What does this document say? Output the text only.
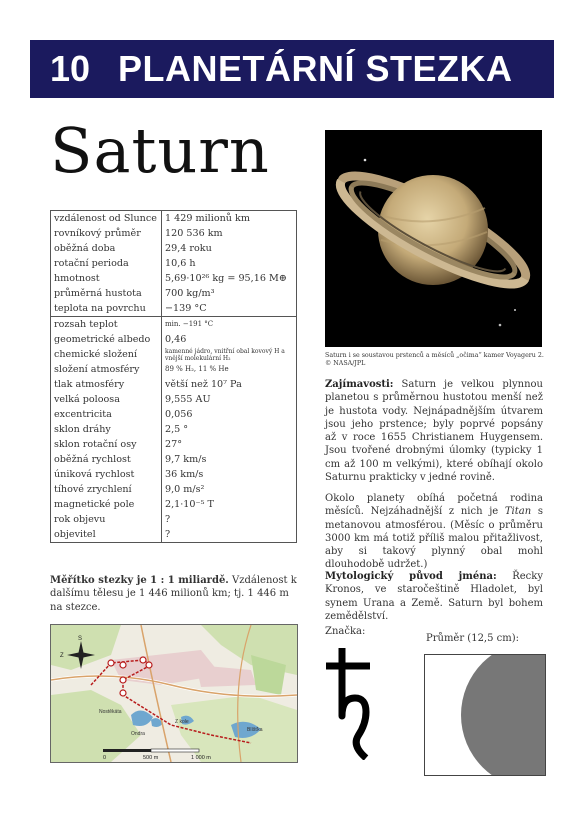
10 PLANETÁRNÍ STEZKA
Saturn
vzdálenost od Slunce	1 429 milionů km
rovníkový průměr	120 536 km
oběžná doba	29,4 roku
rotační perioda	10,6 h
hmotnost	5,69·10²⁶ kg = 95,16 M⊕
průměrná hustota	700 kg/m³
teplota na povrchu	−139 °C
rozsah teplot	min. −191 °C
geometrické albedo	0,46
chemické složení	kamenné jádro, vnitřní obal kovový H a vnější molekulární H₂
složení atmosféry	89 % H₂, 11 % He
tlak atmosféry	větší než 10⁷ Pa
velká poloosa	9,555 AU
excentricita	0,056
sklon dráhy	2,5 °
sklon rotační osy	27°
oběžná rychlost	9,7 km/s
úniková rychlost	36 km/s
tíhové zrychlení	9,0 m/s²
magnetické pole	2,1·10⁻⁵ T
rok objevu	?
objevitel	?
Saturn i se soustavou prstenců a měsíců „očima“ kamer Voyageru 2. © NASA/JPL

Zajímavosti: Saturn je velkou plynnou planetou s průměrnou hustotou menší než je hustota vody. Nejnápadnějším útvarem jsou jeho prstence; byly poprvé popsány až v roce 1655 Christianem Huygensem. Jsou tvořené drobnými úlomky (typicky 1 cm až 100 m velkými), které obíhají okolo Saturnu prakticky v jedné rovině.

Okolo planety obíhá početná rodina měsíců. Nejzáhadnější z nich je Titan s metanovou atmosférou. (Měsíc o průměru 3000 km má totiž příliš malou přitažlivost, aby si takový plynný obal mohl dlouhodobě udržet.)

Měřítko stezky je 1 : 1 miliardě. Vzdálenost k dalšímu tělesu je 1 446 milionů km; tj. 1 446 m na stezce.

Mytologický původ jména: Řecky Kronos, ve staročeštině Hladolet, byl synem Urana a Země. Saturn byl bohem zemědělství.

S
Z
Nostěkáta
Ondra
Z kole
Blíšťka
0	500 m	1 000 m
Značka:
Průměr (12,5 cm):
